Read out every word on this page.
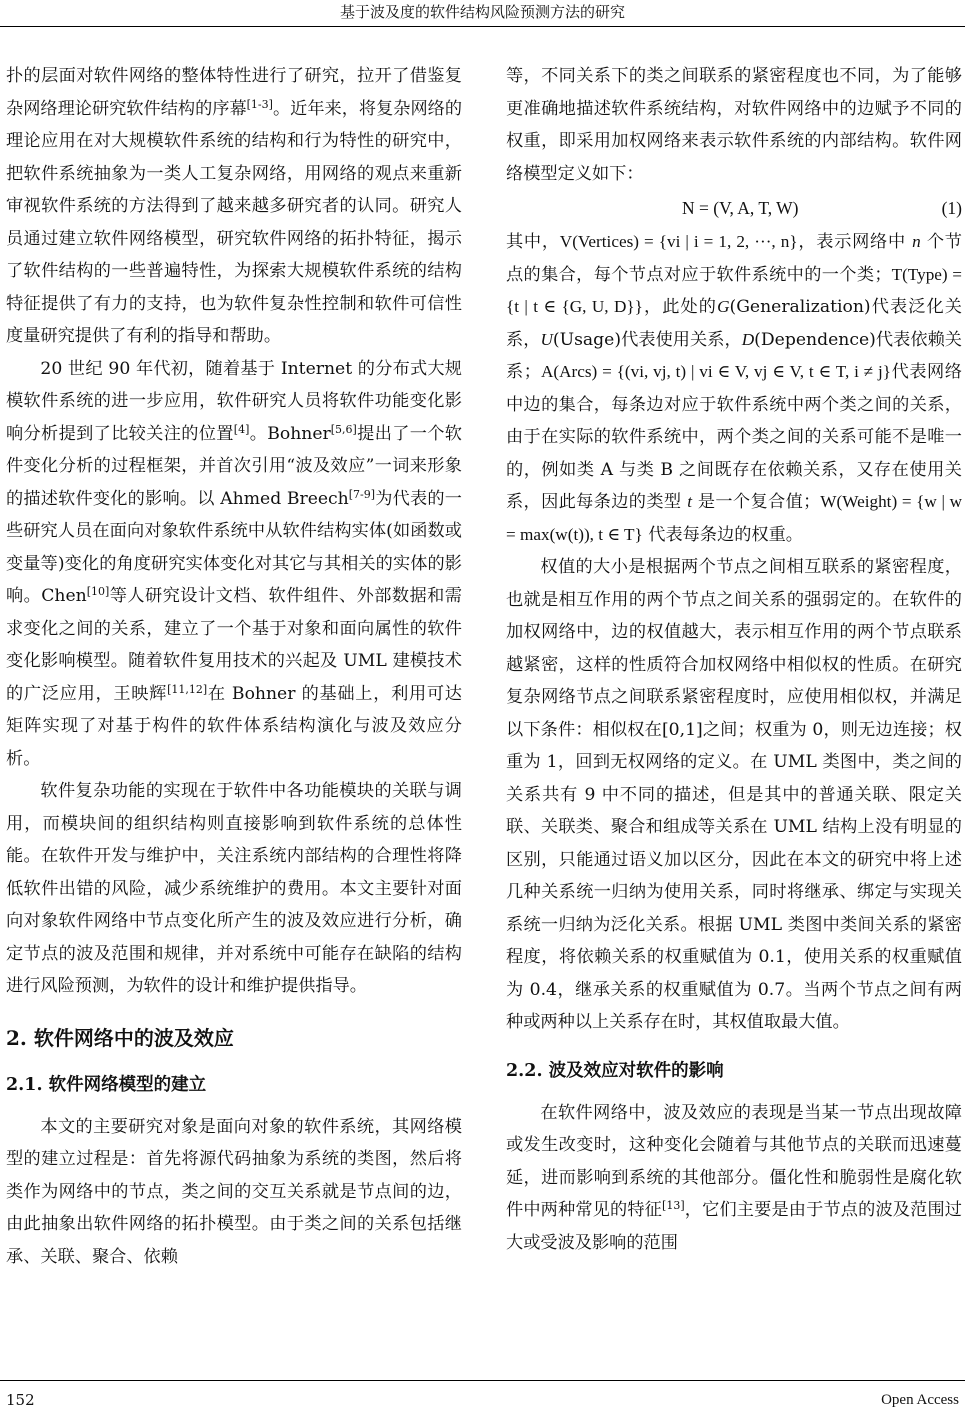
基于波及度的软件结构风险预测方法的研究

扑的层面对软件网络的整体特性进行了研究，拉开了借鉴复杂网络理论研究软件结构的序幕[1-3]。近年来，将复杂网络的理论应用在对大规模软件系统的结构和行为特性的研究中，把软件系统抽象为一类人工复杂网络，用网络的观点来重新审视软件系统的方法得到了越来越多研究者的认同。研究人员通过建立软件网络模型，研究软件网络的拓扑特征，揭示了软件结构的一些普遍特性，为探索大规模软件系统的结构特征提供了有力的支持，也为软件复杂性控制和软件可信性度量研究提供了有利的指导和帮助。

20 世纪 90 年代初，随着基于 Internet 的分布式大规模软件系统的进一步应用，软件研究人员将软件功能变化影响分析提到了比较关注的位置[4]。Bohner[5,6]提出了一个软件变化分析的过程框架，并首次引用“波及效应”一词来形象的描述软件变化的影响。以 Ahmed Breech[7-9]为代表的一些研究人员在面向对象软件系统中从软件结构实体(如函数或变量等)变化的角度研究实体变化对其它与其相关的实体的影响。Chen[10]等人研究设计文档、软件组件、外部数据和需求变化之间的关系，建立了一个基于对象和面向属性的软件变化影响模型。随着软件复用技术的兴起及 UML 建模技术的广泛应用，王映辉[11,12]在 Bohner 的基础上，利用可达矩阵实现了对基于构件的软件体系结构演化与波及效应分析。

软件复杂功能的实现在于软件中各功能模块的关联与调用，而模块间的组织结构则直接影响到软件系统的总体性能。在软件开发与维护中，关注系统内部结构的合理性将降低软件出错的风险，减少系统维护的费用。本文主要针对面向对象软件网络中节点变化所产生的波及效应进行分析，确定节点的波及范围和规律，并对系统中可能存在缺陷的结构进行风险预测，为软件的设计和维护提供指导。

2. 软件网络中的波及效应
2.1. 软件网络模型的建立

本文的主要研究对象是面向对象的软件系统，其网络模型的建立过程是：首先将源代码抽象为系统的类图，然后将类作为网络中的节点，类之间的交互关系就是节点间的边，由此抽象出软件网络的拓扑模型。由于类之间的关系包括继承、关联、聚合、依赖

等，不同关系下的类之间联系的紧密程度也不同，为了能够更准确地描述软件系统结构，对软件网络中的边赋予不同的权重，即采用加权网络来表示软件系统的内部结构。软件网络模型定义如下：

N = (V, A, T, W)	(1)

其中，V(Vertices) = {vi | i = 1, 2, ···, n}，表示网络中 n 个节点的集合，每个节点对应于软件系统中的一个类；T(Type) = {t | t ∈ {G, U, D}}，此处的G(Generalization)代表泛化关系，U(Usage)代表使用关系，D(Dependence)代表依赖关系；A(Arcs) = {(vi, vj, t) | vi ∈ V, vj ∈ V, t ∈ T, i ≠ j}代表网络中边的集合，每条边对应于软件系统中两个类之间的关系，由于在实际的软件系统中，两个类之间的关系可能不是唯一的，例如类 A 与类 B 之间既存在依赖关系，又存在使用关系，因此每条边的类型 t 是一个复合值；W(Weight) = {w | w = max(w(t)), t ∈ T} 代表每条边的权重。

权值的大小是根据两个节点之间相互联系的紧密程度，也就是相互作用的两个节点之间关系的强弱定的。在软件的加权网络中，边的权值越大，表示相互作用的两个节点联系越紧密，这样的性质符合加权网络中相似权的性质。在研究复杂网络节点之间联系紧密程度时，应使用相似权，并满足以下条件：相似权在[0,1]之间；权重为 0，则无边连接；权重为 1，回到无权网络的定义。在 UML 类图中，类之间的关系共有 9 中不同的描述，但是其中的普通关联、限定关联、关联类、聚合和组成等关系在 UML 结构上没有明显的区别，只能通过语义加以区分，因此在本文的研究中将上述几种关系统一归纳为使用关系，同时将继承、绑定与实现关系统一归纳为泛化关系。根据 UML 类图中类间关系的紧密程度，将依赖关系的权重赋值为 0.1，使用关系的权重赋值为 0.4，继承关系的权重赋值为 0.7。当两个节点之间有两种或两种以上关系存在时，其权值取最大值。

2.2. 波及效应对软件的影响

在软件网络中，波及效应的表现是当某一节点出现故障或发生改变时，这种变化会随着与其他节点的关联而迅速蔓延，进而影响到系统的其他部分。僵化性和脆弱性是腐化软件中两种常见的特征[13]，它们主要是由于节点的波及范围过大或受波及影响的范围

152	Open Access
